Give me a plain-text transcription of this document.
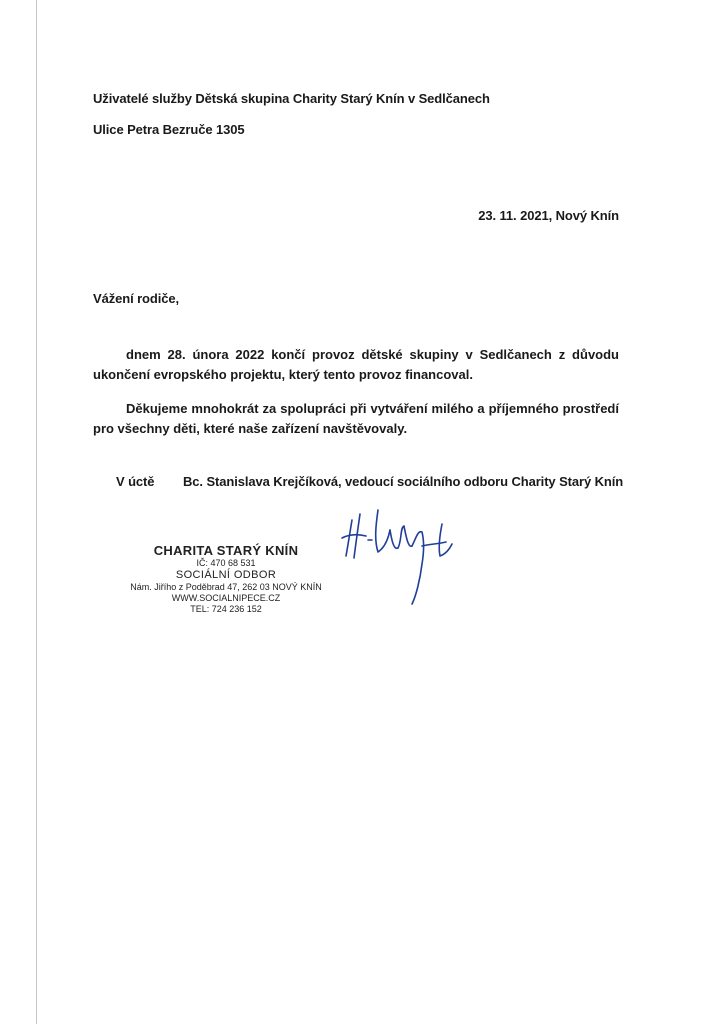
Uživatelé služby Dětská skupina Charity Starý Knín v Sedlčanech
Ulice Petra Bezruče 1305
23. 11. 2021, Nový Knín
Vážení rodiče,
dnem 28. února 2022 končí provoz dětské skupiny v Sedlčanech z důvodu ukončení evropského projektu, který tento provoz financoval.
Děkujeme mnohokrát za spolupráci při vytváření milého a příjemného prostředí pro všechny děti, které naše zařízení navštěvovaly.
V úctě Bc. Stanislava Krejčíková, vedoucí sociálního odboru Charity Starý Knín
CHARITA STARÝ KNÍN
IČ: 470 68 531
SOCIÁLNÍ ODBOR
Nám. Jiřího z Poděbrad 47, 262 03 NOVÝ KNÍN
WWW.SOCIALNIPECE.CZ
TEL: 724 236 152
